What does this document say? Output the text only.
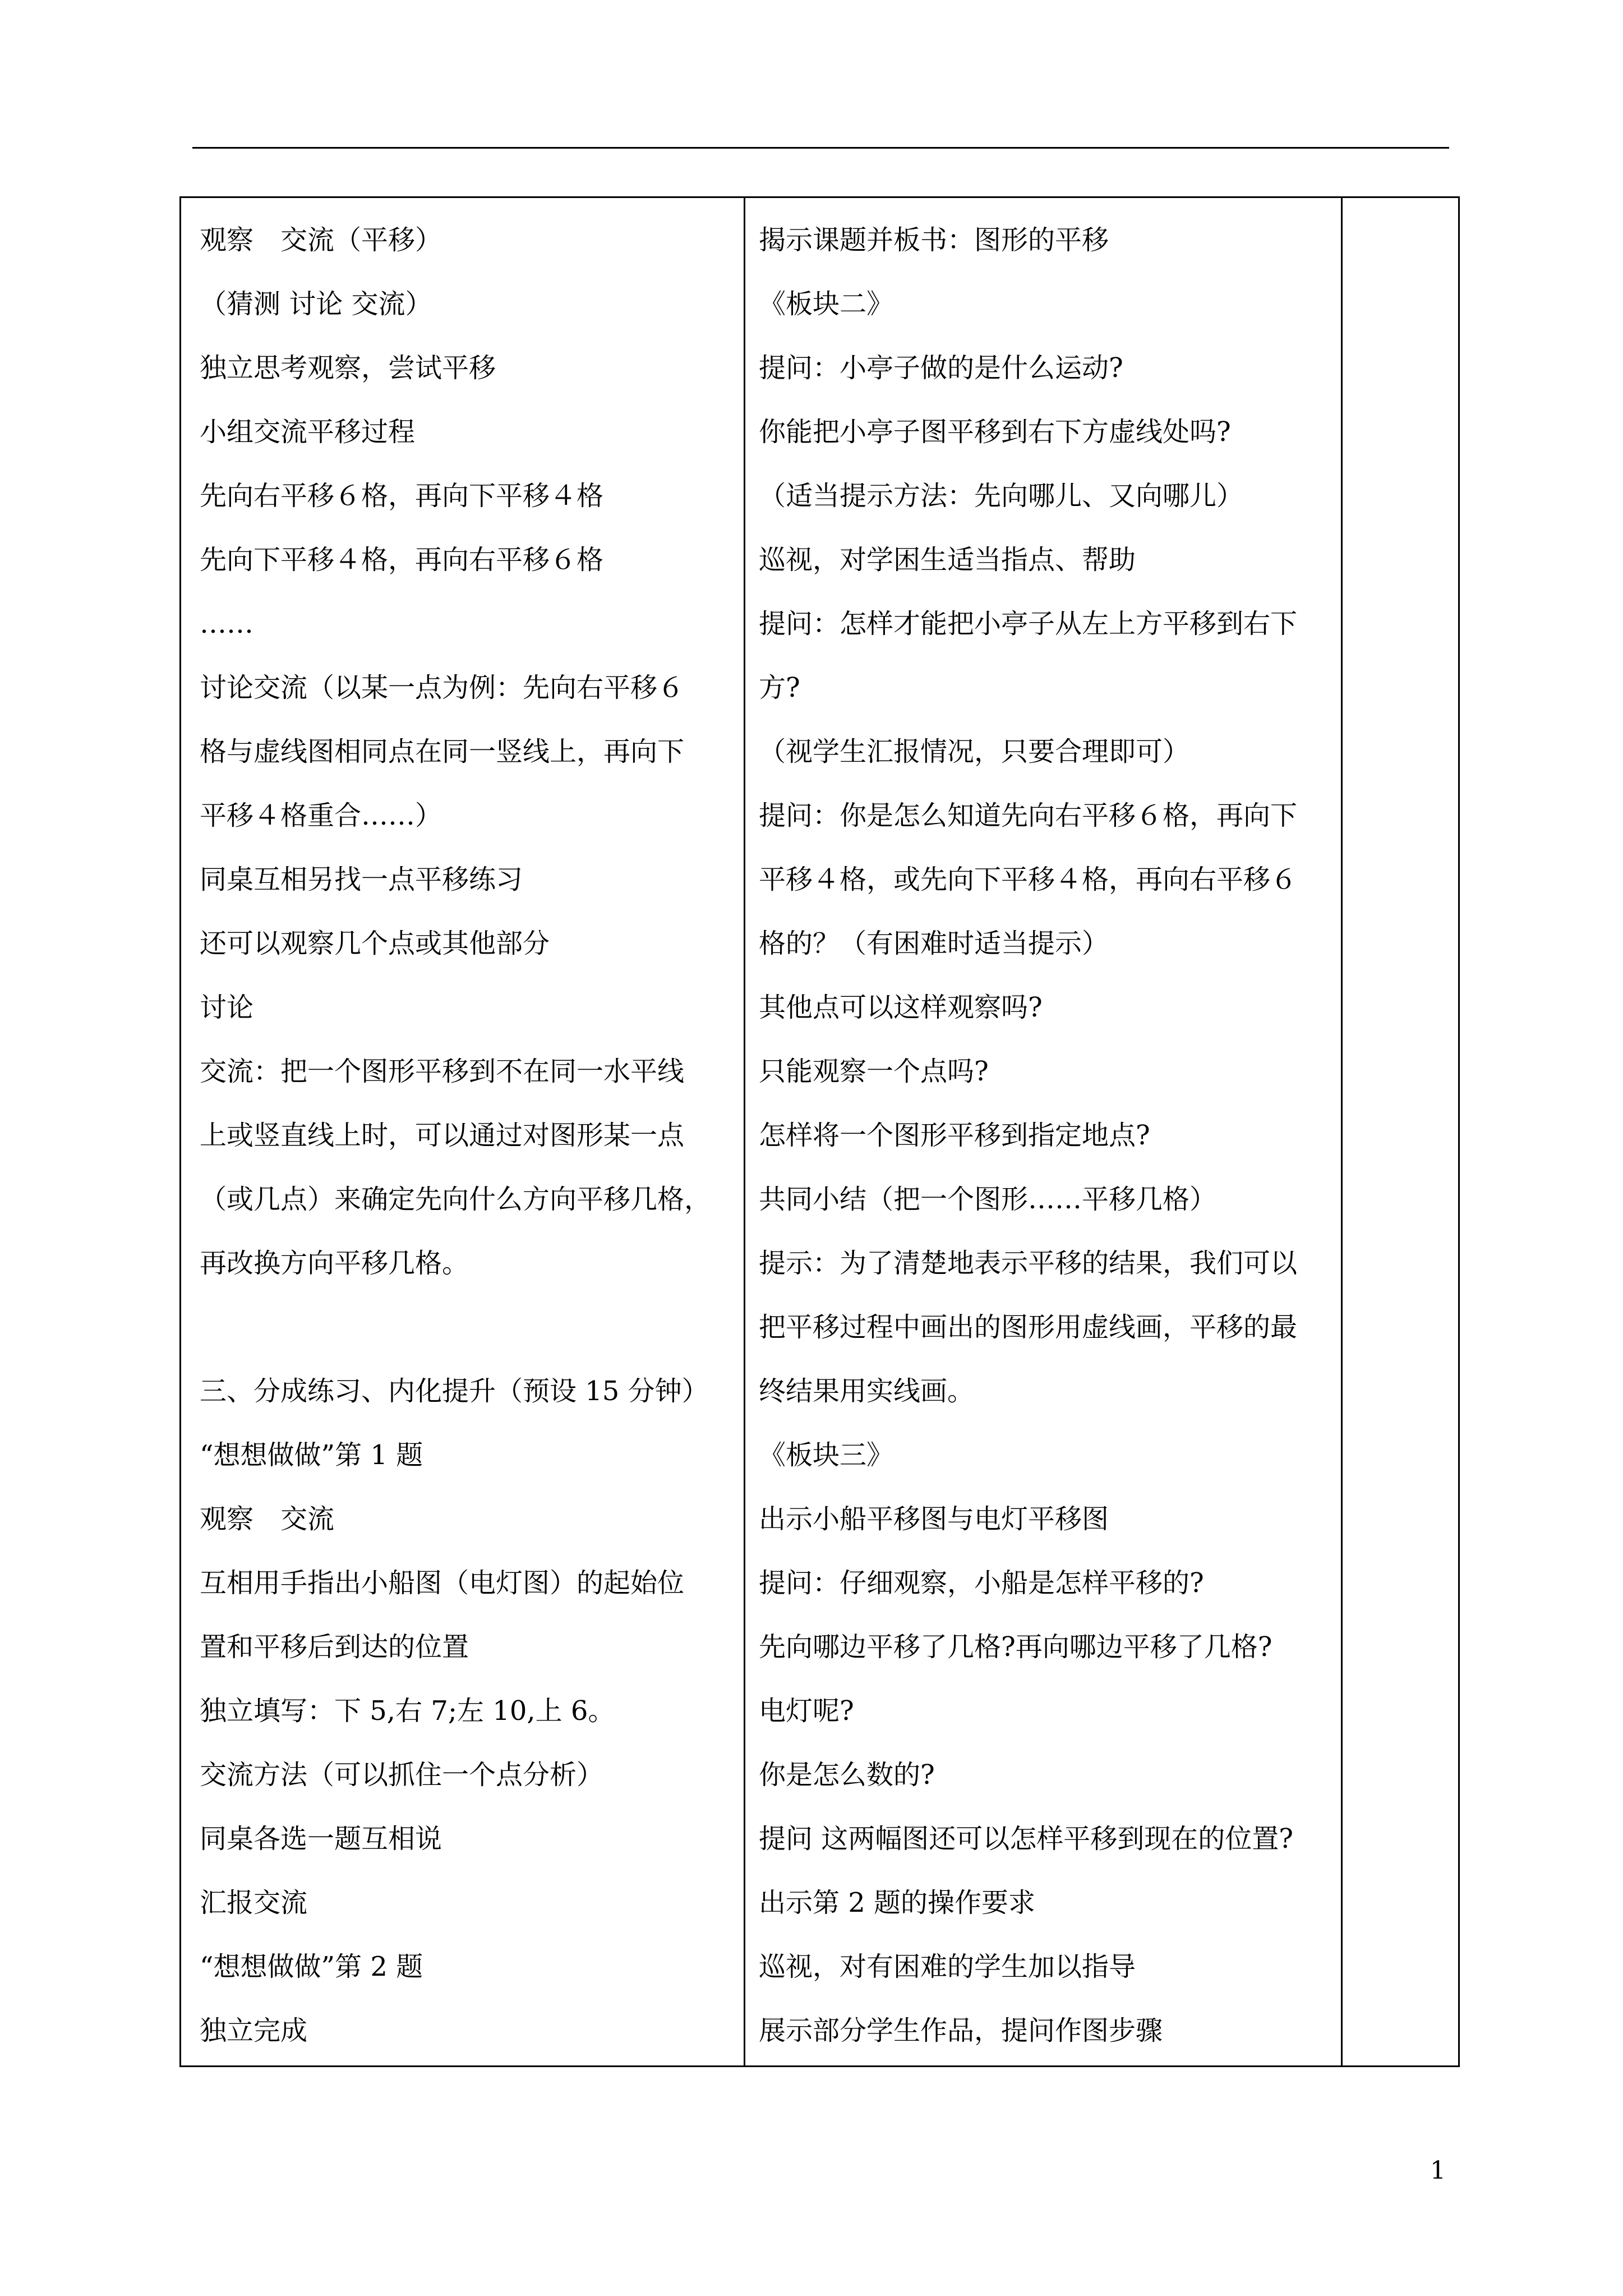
观察　交流（平移）
（猜测 讨论 交流）
独立思考观察，尝试平移
小组交流平移过程
先向右平移６格，再向下平移４格
先向下平移４格，再向右平移６格
……
讨论交流（以某一点为例：先向右平移６
格与虚线图相同点在同一竖线上，再向下
平移４格重合……）
同桌互相另找一点平移练习
还可以观察几个点或其他部分
讨论
交流：把一个图形平移到不在同一水平线
上或竖直线上时，可以通过对图形某一点
（或几点）来确定先向什么方向平移几格，
再改换方向平移几格。
三、分成练习、内化提升（预设 15 分钟）
“想想做做”第 1 题
观察　交流
互相用手指出小船图（电灯图）的起始位
置和平移后到达的位置
独立填写：下 5,右 7;左 10,上 6。
交流方法（可以抓住一个点分析）
同桌各选一题互相说
汇报交流
“想想做做”第 2 题
独立完成
揭示课题并板书：图形的平移
《板块二》
提问：小亭子做的是什么运动?
你能把小亭子图平移到右下方虚线处吗?
（适当提示方法：先向哪儿、又向哪儿）
巡视，对学困生适当指点、帮助
提问：怎样才能把小亭子从左上方平移到右下
方?
（视学生汇报情况，只要合理即可）
提问：你是怎么知道先向右平移６格，再向下
平移４格，或先向下平移４格，再向右平移６
格的？（有困难时适当提示）
其他点可以这样观察吗?
只能观察一个点吗?
怎样将一个图形平移到指定地点?
共同小结（把一个图形……平移几格）
提示：为了清楚地表示平移的结果，我们可以
把平移过程中画出的图形用虚线画，平移的最
终结果用实线画。
《板块三》
出示小船平移图与电灯平移图
提问：仔细观察，小船是怎样平移的?
先向哪边平移了几格?再向哪边平移了几格?
电灯呢?
你是怎么数的?
提问 这两幅图还可以怎样平移到现在的位置?
出示第 2 题的操作要求
巡视，对有困难的学生加以指导
展示部分学生作品，提问作图步骤
1
